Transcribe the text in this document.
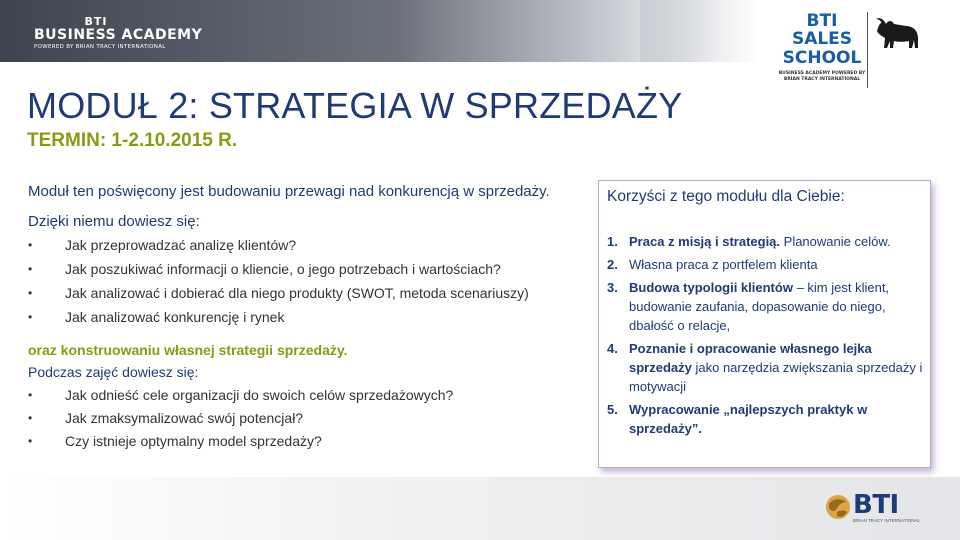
BTI
BUSINESS ACADEMY
POWERED BY BRIAN TRACY INTERNATIONAL
BTI
SALES
SCHOOL
BUSINESS ACADEMY POWERED BY BRIAN TRACY INTERNATIONAL
MODUŁ 2: STRATEGIA W SPRZEDAŻY
TERMIN: 1-2.10.2015 R.
Moduł ten poświęcony jest budowaniu przewagi nad konkurencją w sprzedaży.
Dzięki niemu dowiesz się:
• Jak przeprowadzać analizę klientów?
• Jak poszukiwać informacji o kliencie, o jego potrzebach i wartościach?
• Jak analizować i dobierać dla niego produkty (SWOT, metoda scenariuszy)
• Jak analizować konkurencję i rynek
oraz konstruowaniu własnej strategii sprzedaży.
Podczas zajęć dowiesz się:
• Jak odnieść cele organizacji do swoich celów sprzedażowych?
• Jak zmaksymalizować swój potencjał?
• Czy istnieje optymalny model sprzedaży?
Korzyści z tego modułu dla Ciebie:
1. Praca z misją i strategią. Planowanie celów.
2. Własna praca z portfelem klienta
3. Budowa typologii klientów – kim jest klient, budowanie zaufania, dopasowanie do niego, dbałość o relacje,
4. Poznanie i opracowanie własnego lejka sprzedaży jako narzędzia zwiększania sprzedaży i motywacji
5. Wypracowanie „najlepszych praktyk w sprzedaży”.
BTI
BRIAN TRACY INTERNATIONAL
